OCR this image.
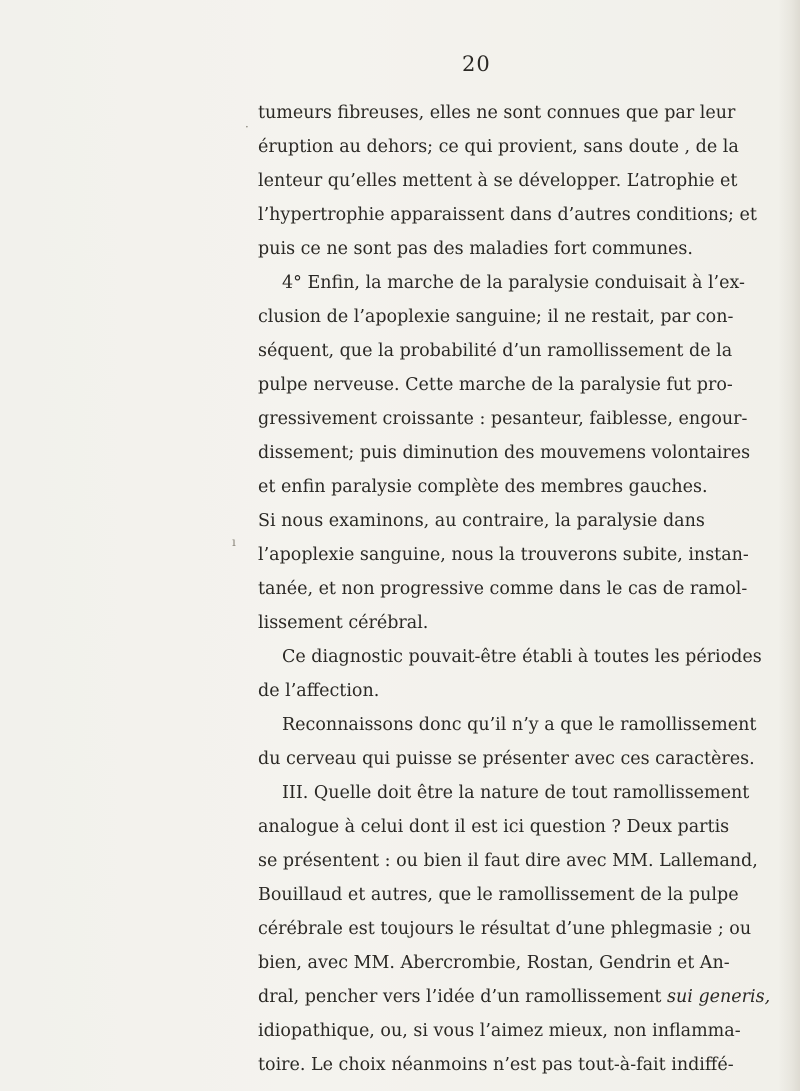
20
tumeurs fibreuses, elles ne sont connues que par leur
éruption au dehors; ce qui provient, sans doute , de la
lenteur qu’elles mettent à se développer. L’atrophie et
l’hypertrophie apparaissent dans d’autres conditions; et
puis ce ne sont pas des maladies fort communes.
4° Enfin, la marche de la paralysie conduisait à l’ex-
clusion de l’apoplexie sanguine; il ne restait, par con-
séquent, que la probabilité d’un ramollissement de la
pulpe nerveuse. Cette marche de la paralysie fut pro-
gressivement croissante : pesanteur, faiblesse, engour-
dissement; puis diminution des mouvemens volontaires
et enfin paralysie complète des membres gauches.
Si nous examinons, au contraire, la paralysie dans
l’apoplexie sanguine, nous la trouverons subite, instan-
tanée, et non progressive comme dans le cas de ramol-
lissement cérébral.
Ce diagnostic pouvait-être établi à toutes les périodes
de l’affection.
Reconnaissons donc qu’il n’y a que le ramollissement
du cerveau qui puisse se présenter avec ces caractères.
III. Quelle doit être la nature de tout ramollissement
analogue à celui dont il est ici question ? Deux partis
se présentent : ou bien il faut dire avec MM. Lallemand,
Bouillaud et autres, que le ramollissement de la pulpe
cérébrale est toujours le résultat d’une phlegmasie ; ou
bien, avec MM. Abercrombie, Rostan, Gendrin et An-
dral, pencher vers l’idée d’un ramollissement sui generis,
idiopathique, ou, si vous l’aimez mieux, non inflamma-
toire. Le choix néanmoins n’est pas tout-à-fait indiffé-
·
ı
